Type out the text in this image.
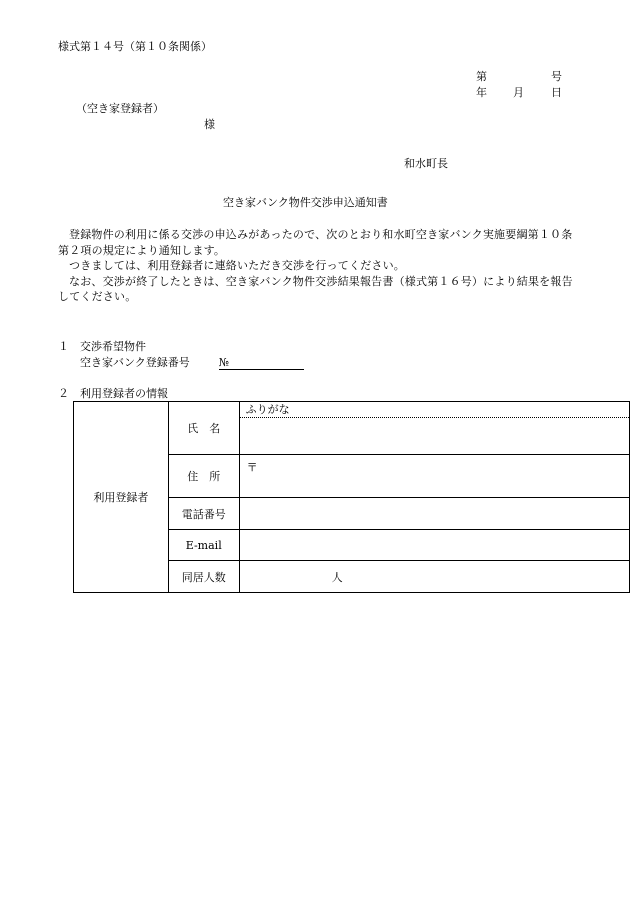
様式第１４号（第１０条関係）
第	号
年 月 日
（空き家登録者）
様
和水町長
空き家バンク物件交渉申込通知書

登録物件の利用に係る交渉の申込みがあったので、次のとおり和水町空き家バンク実施要綱第１０条第２項の規定により通知します。

つきましては、利用登録者に連絡いただき交渉を行ってください。

なお、交渉が終了したときは、空き家バンク物件交渉結果報告書（様式第１６号）により結果を報告してください。

１　交渉希望物件
空き家バンク登録番号	№
２　利用登録者の情報
利用登録者	氏　名	ふりがな

	住　所	〒
	電話番号	
	E-mail	
	同居人数	人
